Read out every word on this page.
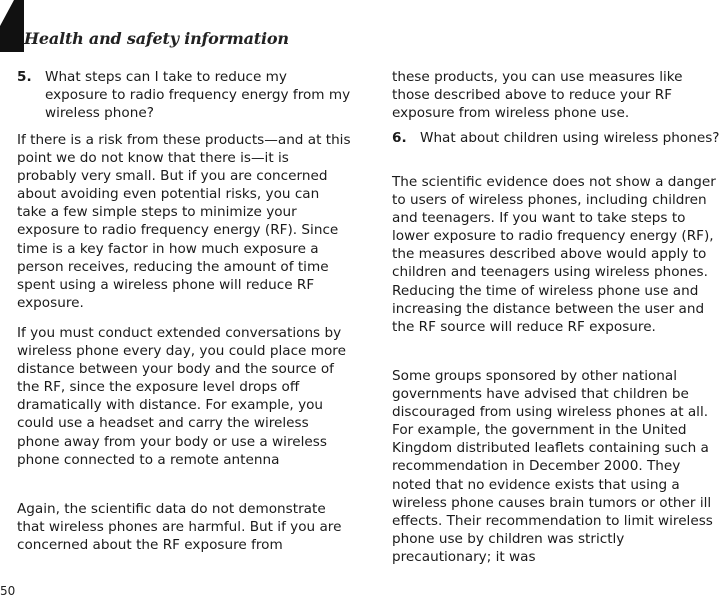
Health and safety information
5. What steps can I take to reduce my exposure to radio frequency energy from my wireless phone?
If there is a risk from these products—and at this point we do not know that there is—it is probably very small. But if you are concerned about avoiding even potential risks, you can take a few simple steps to minimize your exposure to radio frequency energy (RF). Since time is a key factor in how much exposure a person receives, reducing the amount of time spent using a wireless phone will reduce RF exposure.
If you must conduct extended conversations by wireless phone every day, you could place more distance between your body and the source of the RF, since the exposure level drops off dramatically with distance. For example, you could use a headset and carry the wireless phone away from your body or use a wireless phone connected to a remote antenna
Again, the scientific data do not demonstrate that wireless phones are harmful. But if you are concerned about the RF exposure from
these products, you can use measures like those described above to reduce your RF exposure from wireless phone use.
6. What about children using wireless phones?
The scientific evidence does not show a danger to users of wireless phones, including children and teenagers. If you want to take steps to lower exposure to radio frequency energy (RF), the measures described above would apply to children and teenagers using wireless phones. Reducing the time of wireless phone use and increasing the distance between the user and the RF source will reduce RF exposure.
Some groups sponsored by other national governments have advised that children be discouraged from using wireless phones at all. For example, the government in the United Kingdom distributed leaflets containing such a recommendation in December 2000. They noted that no evidence exists that using a wireless phone causes brain tumors or other ill effects. Their recommendation to limit wireless phone use by children was strictly precautionary; it was
50
